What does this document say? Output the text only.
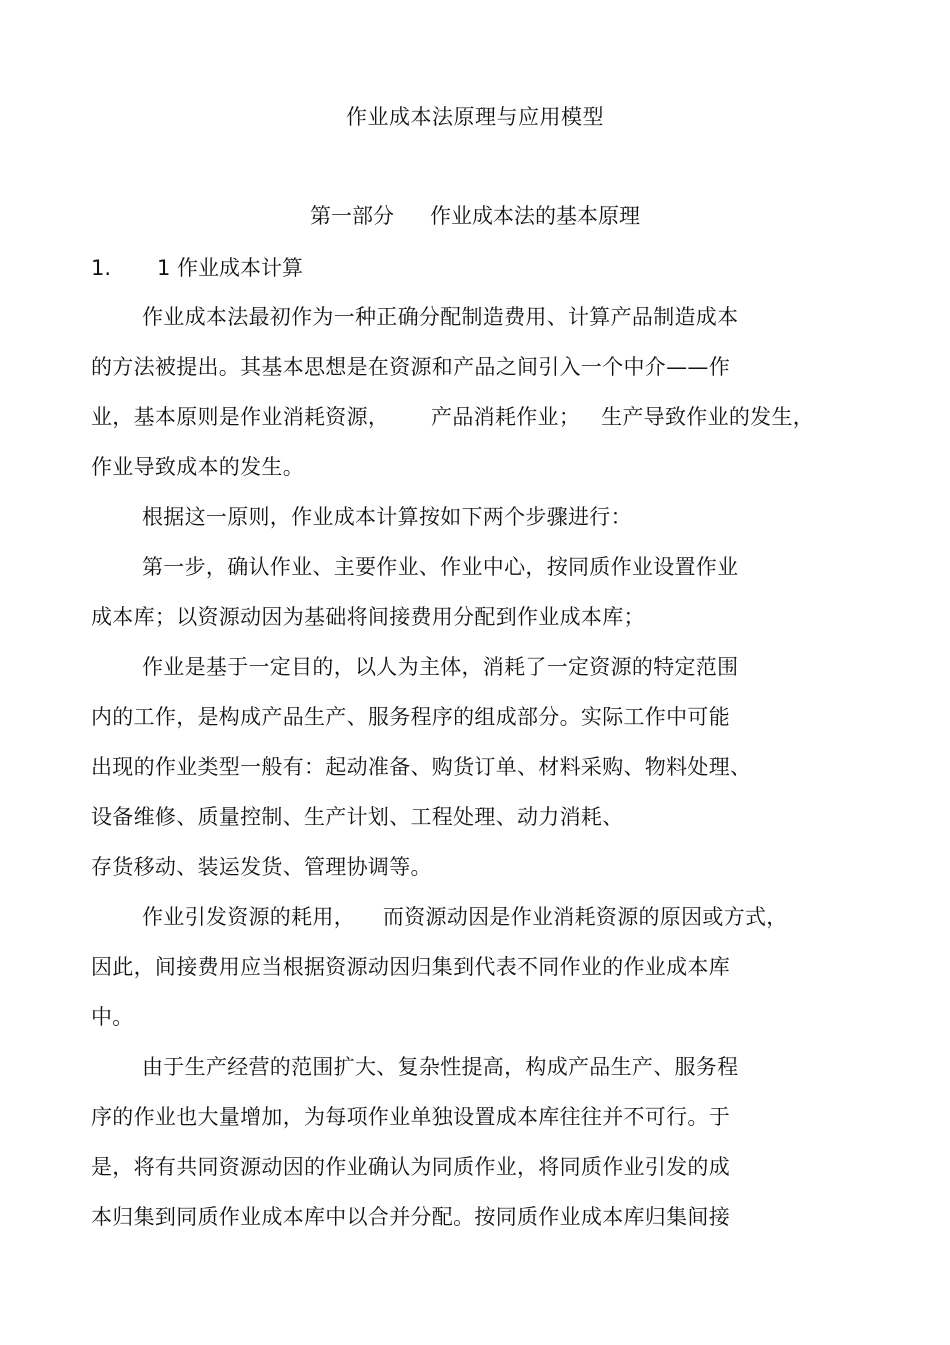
作业成本法原理与应用模型
第一部分 作业成本法的基本原理
1. 1 作业成本计算
作业成本法最初作为一种正确分配制造费用、计算产品制造成本
的方法被提出。其基本思想是在资源和产品之间引入一个中介——作
业，基本原则是作业消耗资源，      产品消耗作业；   生产导致作业的发生，
作业导致成本的发生。
根据这一原则，作业成本计算按如下两个步骤进行：
第一步，确认作业、主要作业、作业中心，按同质作业设置作业
成本库；以资源动因为基础将间接费用分配到作业成本库；
作业是基于一定目的，以人为主体，消耗了一定资源的特定范围
内的工作，是构成产品生产、服务程序的组成部分。实际工作中可能
出现的作业类型一般有：起动准备、购货订单、材料采购、物料处理、
设备维修、质量控制、生产计划、工程处理、动力消耗、
存货移动、装运发货、管理协调等。
作业引发资源的耗用，    而资源动因是作业消耗资源的原因或方式，
因此，间接费用应当根据资源动因归集到代表不同作业的作业成本库
中。
由于生产经营的范围扩大、复杂性提高，构成产品生产、服务程
序的作业也大量增加，为每项作业单独设置成本库往往并不可行。于
是，将有共同资源动因的作业确认为同质作业，将同质作业引发的成
本归集到同质作业成本库中以合并分配。按同质作业成本库归集间接
